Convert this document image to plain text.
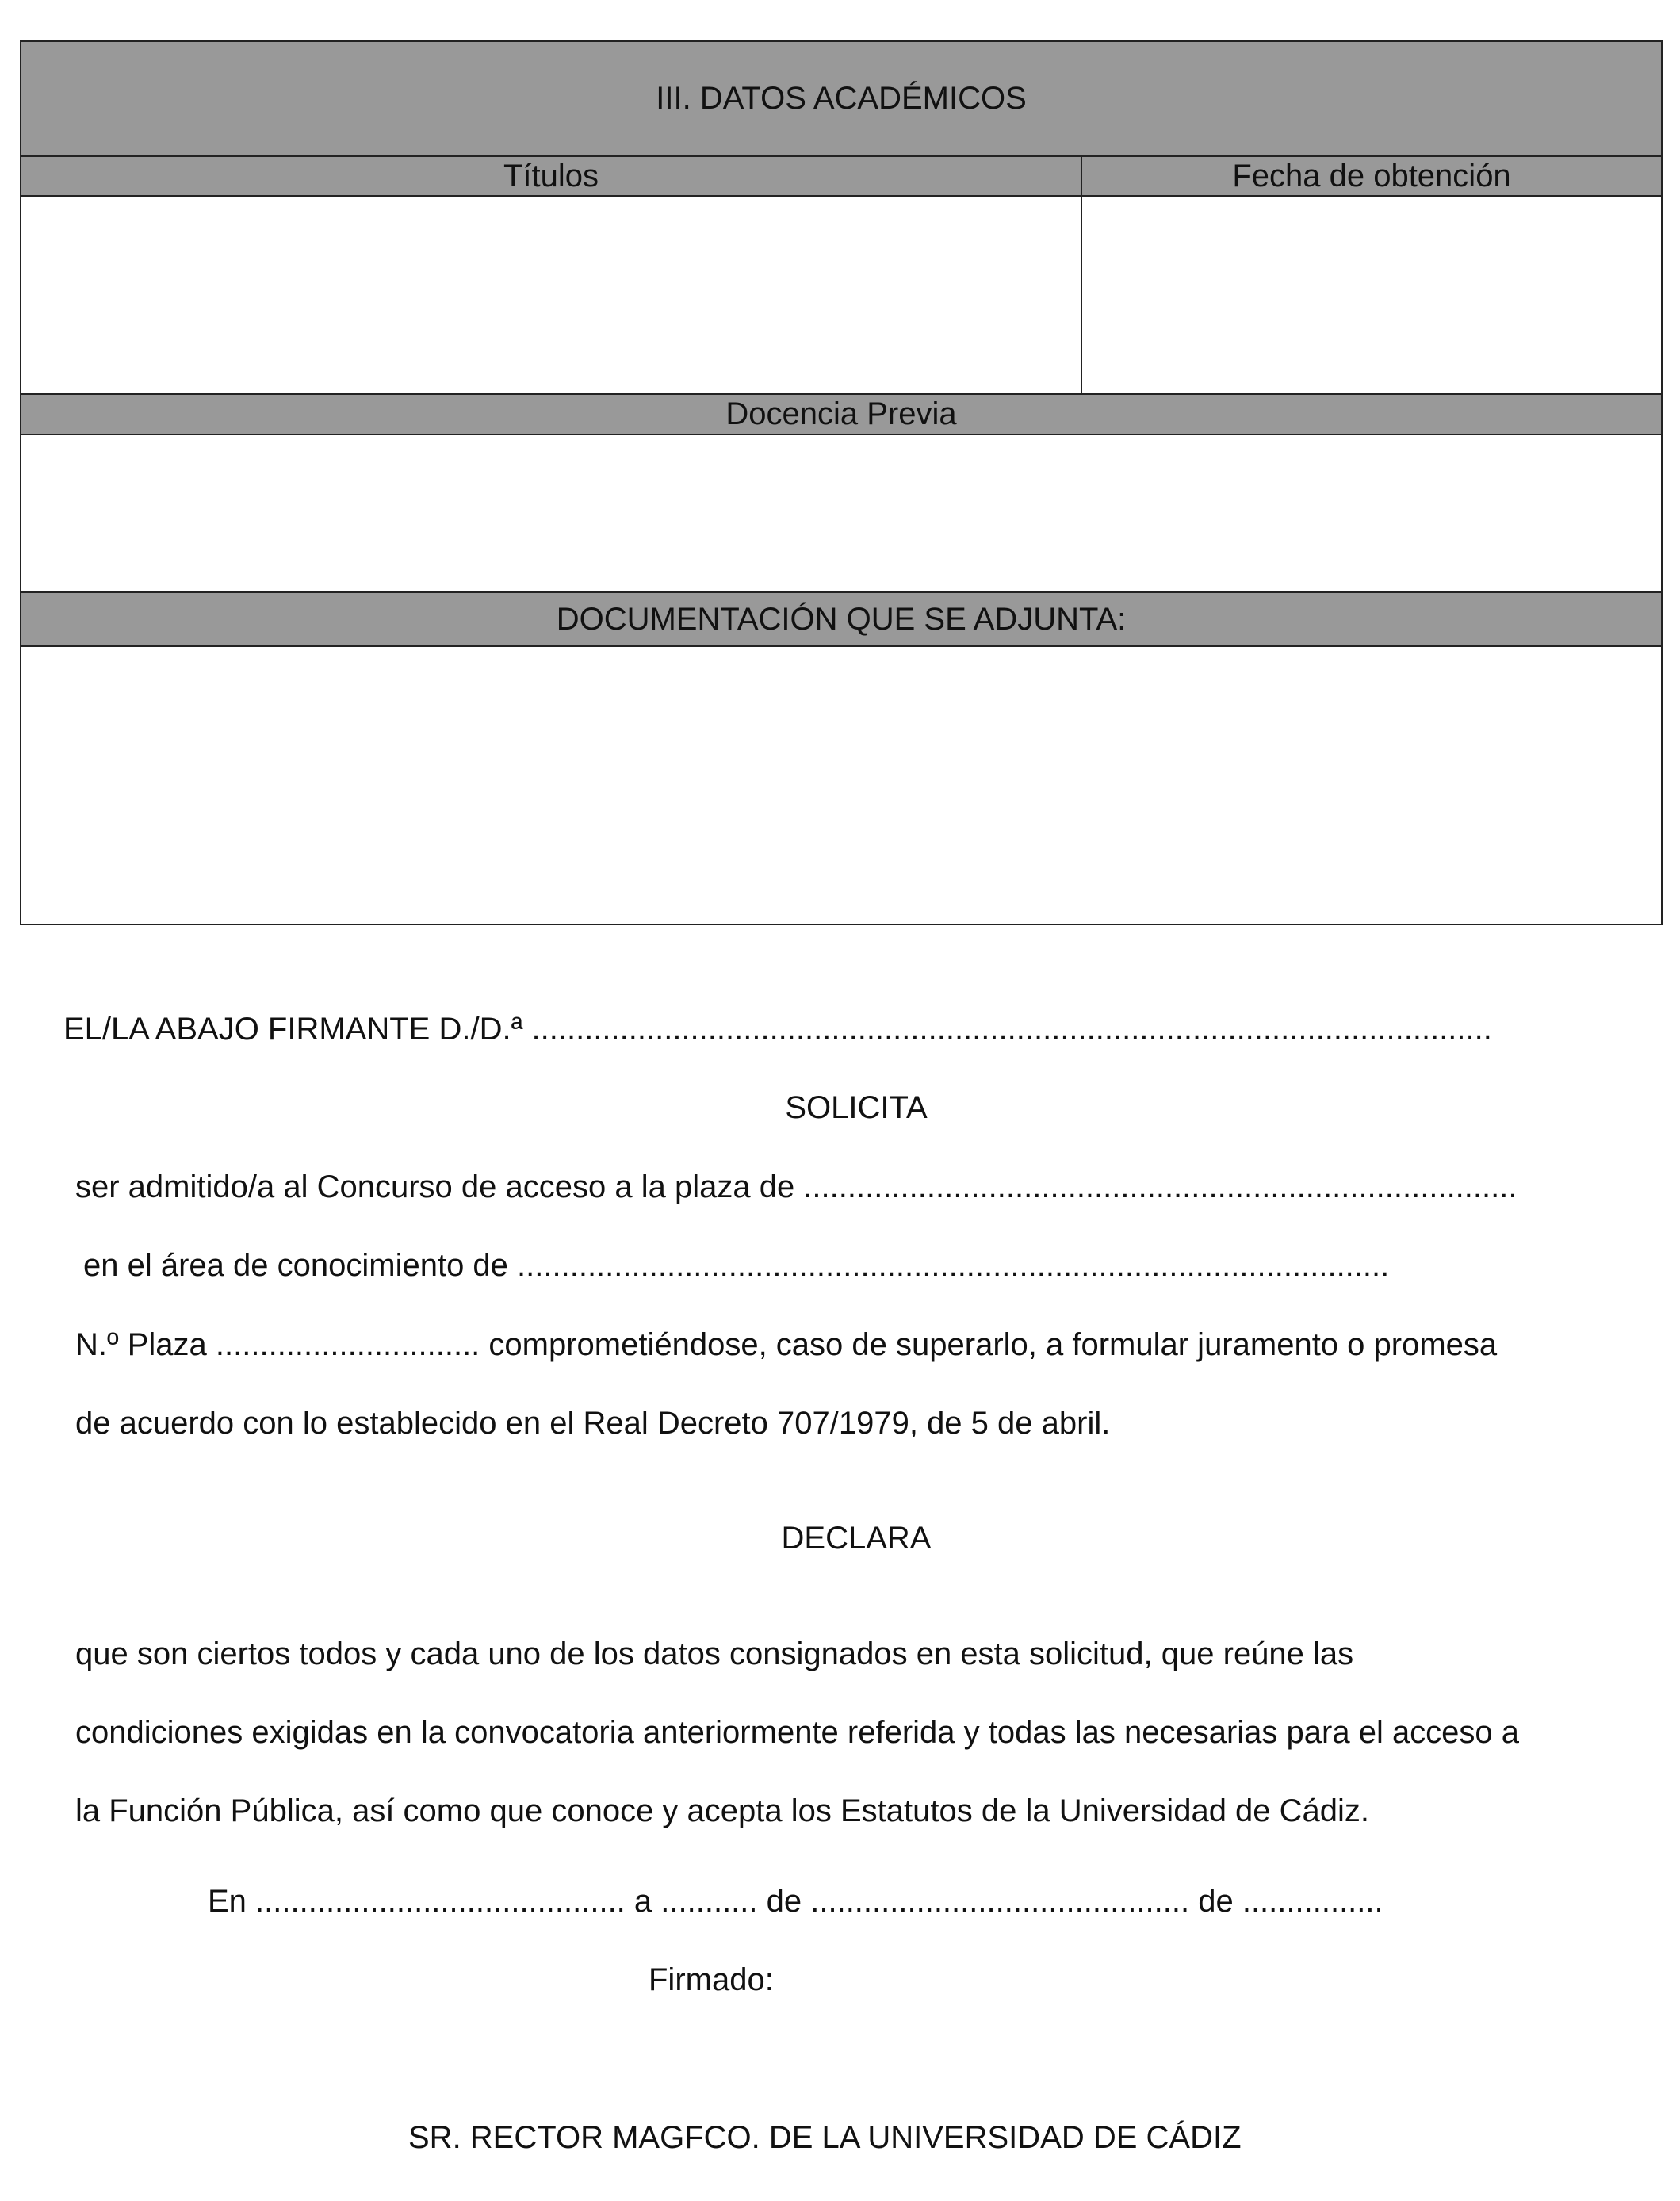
III. DATOS ACADÉMICOS	
Títulos	Fecha de obtención

Docencia Previa	

DOCUMENTACIÓN QUE SE ADJUNTA:	

EL/LA ABAJO FIRMANTE D./D.ª .............................................................................................................
SOLICITA
ser admitido/a al Concurso de acceso a la plaza de .................................................................................
en el área de conocimiento de ...................................................................................................
N.º Plaza .............................. comprometiéndose, caso de superarlo, a formular juramento o promesa
de acuerdo con lo establecido en el Real Decreto 707/1979, de 5 de abril.
DECLARA
que son ciertos todos y cada uno de los datos consignados en esta solicitud, que reúne las
condiciones exigidas en la convocatoria anteriormente referida y todas las necesarias para el acceso a
la Función Pública, así como que conoce y acepta los Estatutos de la Universidad de Cádiz.
En .......................................... a ........... de ........................................... de ................
Firmado:
SR. RECTOR MAGFCO. DE LA UNIVERSIDAD DE CÁDIZ
